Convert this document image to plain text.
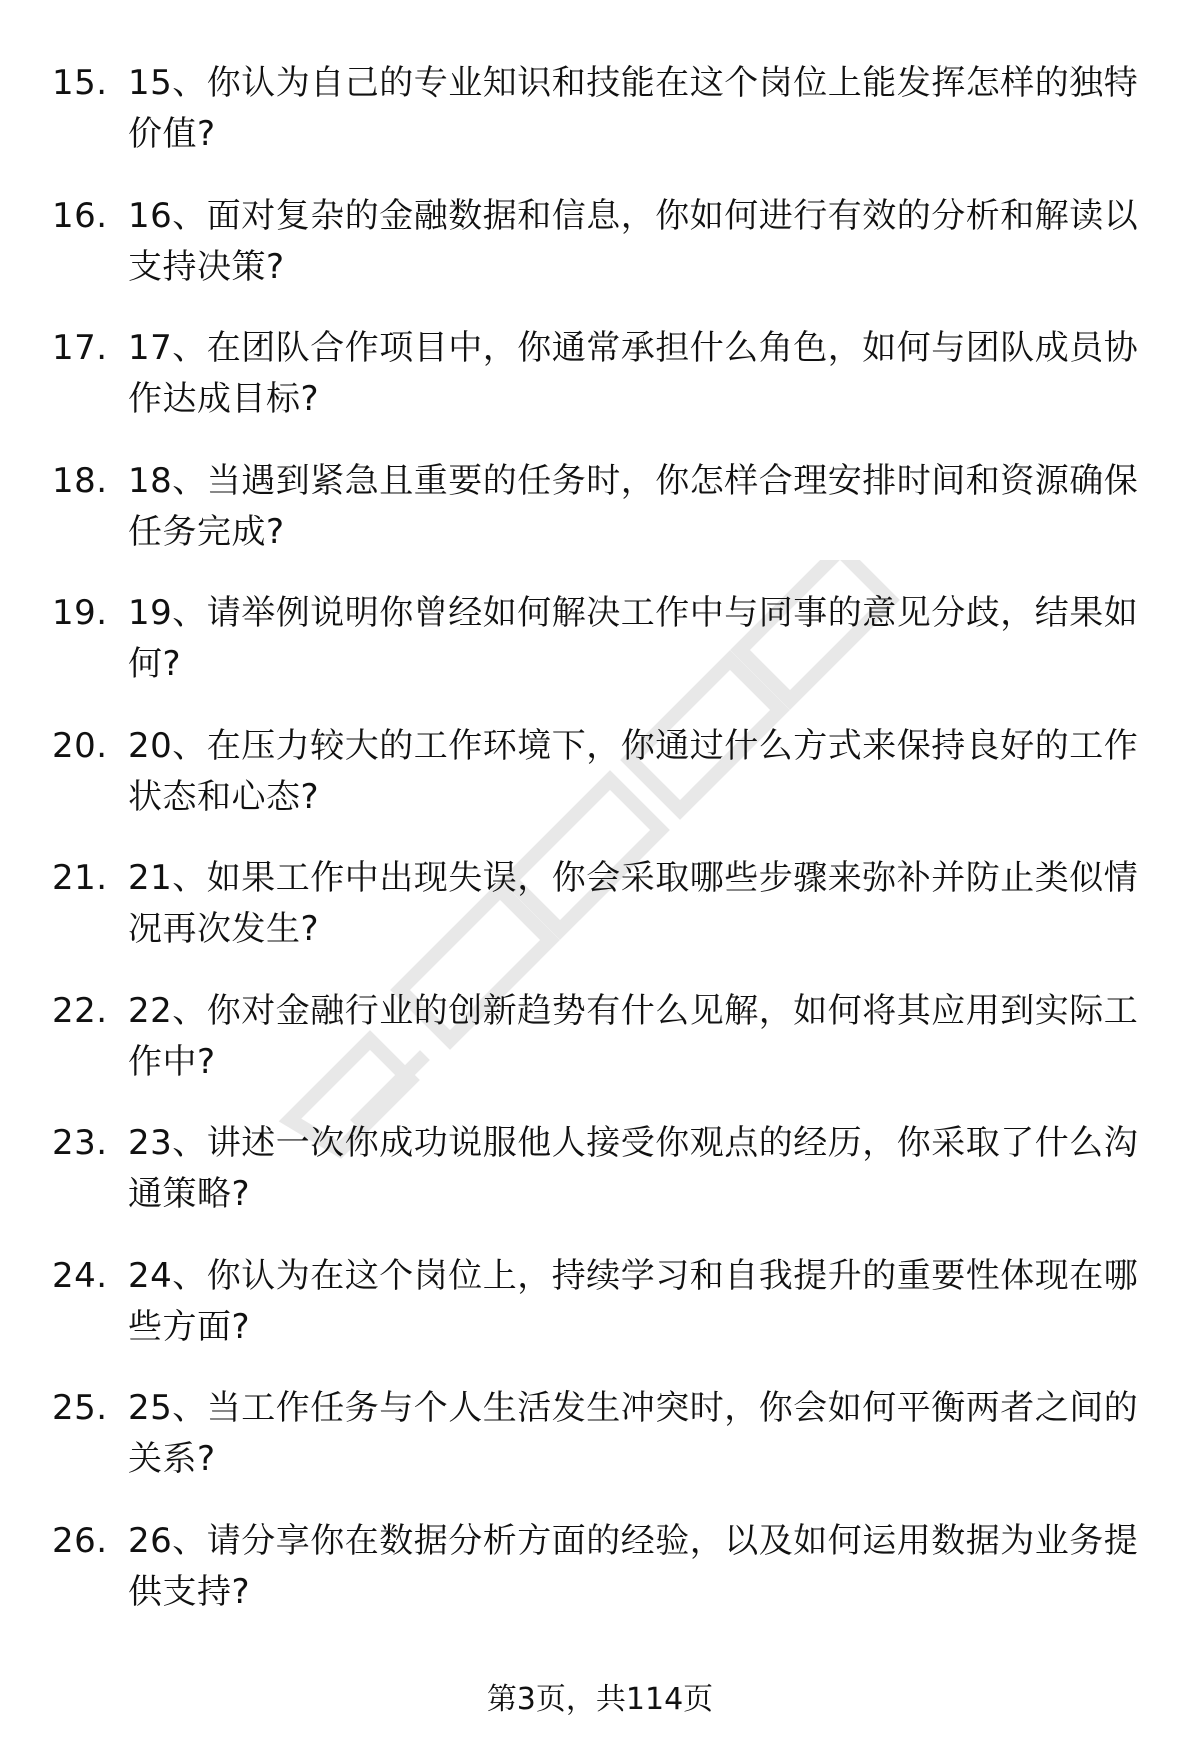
15. 15、你认为自己的专业知识和技能在这个岗位上能发挥怎样的独特价值?
16. 16、面对复杂的金融数据和信息，你如何进行有效的分析和解读以支持决策?
17. 17、在团队合作项目中，你通常承担什么角色，如何与团队成员协作达成目标?
18. 18、当遇到紧急且重要的任务时，你怎样合理安排时间和资源确保任务完成?
19. 19、请举例说明你曾经如何解决工作中与同事的意见分歧，结果如何?
20. 20、在压力较大的工作环境下，你通过什么方式来保持良好的工作状态和心态?
21. 21、如果工作中出现失误，你会采取哪些步骤来弥补并防止类似情况再次发生?
22. 22、你对金融行业的创新趋势有什么见解，如何将其应用到实际工作中?
23. 23、讲述一次你成功说服他人接受你观点的经历，你采取了什么沟通策略?
24. 24、你认为在这个岗位上，持续学习和自我提升的重要性体现在哪些方面?
25. 25、当工作任务与个人生活发生冲突时，你会如何平衡两者之间的关系?
26. 26、请分享你在数据分析方面的经验，以及如何运用数据为业务提供支持?
第3页，共114页
